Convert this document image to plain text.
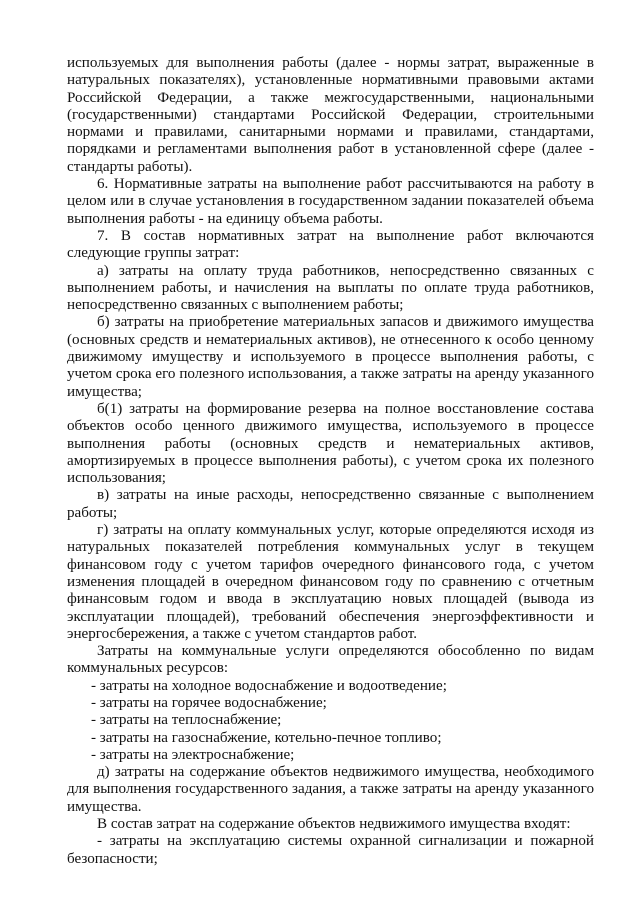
используемых для выполнения работы (далее - нормы затрат, выраженные в натуральных показателях), установленные нормативными правовыми актами Российской Федерации, а также межгосударственными, национальными (государственными) стандартами Российской Федерации, строительными нормами и правилами, санитарными нормами и правилами, стандартами, порядками и регламентами выполнения работ в установленной сфере (далее - стандарты работы).

6. Нормативные затраты на выполнение работ рассчитываются на работу в целом или в случае установления в государственном задании показателей объема выполнения работы - на единицу объема работы.

7. В состав нормативных затрат на выполнение работ включаются следующие группы затрат:

а) затраты на оплату труда работников, непосредственно связанных с выполнением работы, и начисления на выплаты по оплате труда работников, непосредственно связанных с выполнением работы;

б) затраты на приобретение материальных запасов и движимого имущества (основных средств и нематериальных активов), не отнесенного к особо ценному движимому имуществу и используемого в процессе выполнения работы, с учетом срока его полезного использования, а также затраты на аренду указанного имущества;

б(1) затраты на формирование резерва на полное восстановление состава объектов особо ценного движимого имущества, используемого в процессе выполнения работы (основных средств и нематериальных активов, амортизируемых в процессе выполнения работы), с учетом срока их полезного использования;

в) затраты на иные расходы, непосредственно связанные с выполнением работы;

г) затраты на оплату коммунальных услуг, которые определяются исходя из натуральных показателей потребления коммунальных услуг в текущем финансовом году с учетом тарифов очередного финансового года, с учетом изменения площадей в очередном финансовом году по сравнению с отчетным финансовым годом и ввода в эксплуатацию новых площадей (вывода из эксплуатации площадей), требований обеспечения энергоэффективности и энергосбережения, а также с учетом стандартов работ.

Затраты на коммунальные услуги определяются обособленно по видам коммунальных ресурсов:

- затраты на холодное водоснабжение и водоотведение;

- затраты на горячее водоснабжение;

- затраты на теплоснабжение;

- затраты на газоснабжение, котельно-печное топливо;

- затраты на электроснабжение;

д) затраты на содержание объектов недвижимого имущества, необходимого для выполнения государственного задания, а также затраты на аренду указанного имущества.

В состав затрат на содержание объектов недвижимого имущества входят:

- затраты на эксплуатацию системы охранной сигнализации и пожарной безопасности;
